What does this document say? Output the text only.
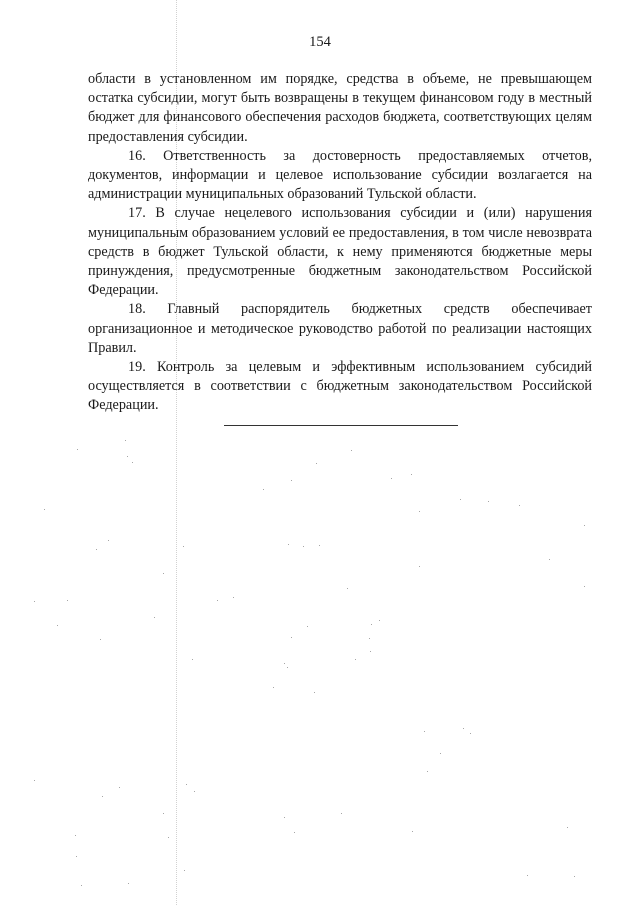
154

области в установленном им порядке, средства в объеме, не превышающем остатка субсидии, могут быть возвращены в текущем финансовом году в местный бюджет для финансового обеспечения расходов бюджета, соответствующих целям предоставления субсидии.

16. Ответственность за достоверность предоставляемых отчетов, документов, информации и целевое использование субсидии возлагается на администрации муниципальных образований Тульской области.

17. В случае нецелевого использования субсидии и (или) нарушения муниципальным образованием условий ее предоставления, в том числе невозврата средств в бюджет Тульской области, к нему применяются бюджетные меры принуждения, предусмотренные бюджетным законодательством Российской Федерации.

18. Главный распорядитель бюджетных средств обеспечивает организационное и методическое руководство работой по реализации настоящих Правил.

19. Контроль за целевым и эффективным использованием субсидий осуществляется в соответствии с бюджетным законодательством Российской Федерации.
